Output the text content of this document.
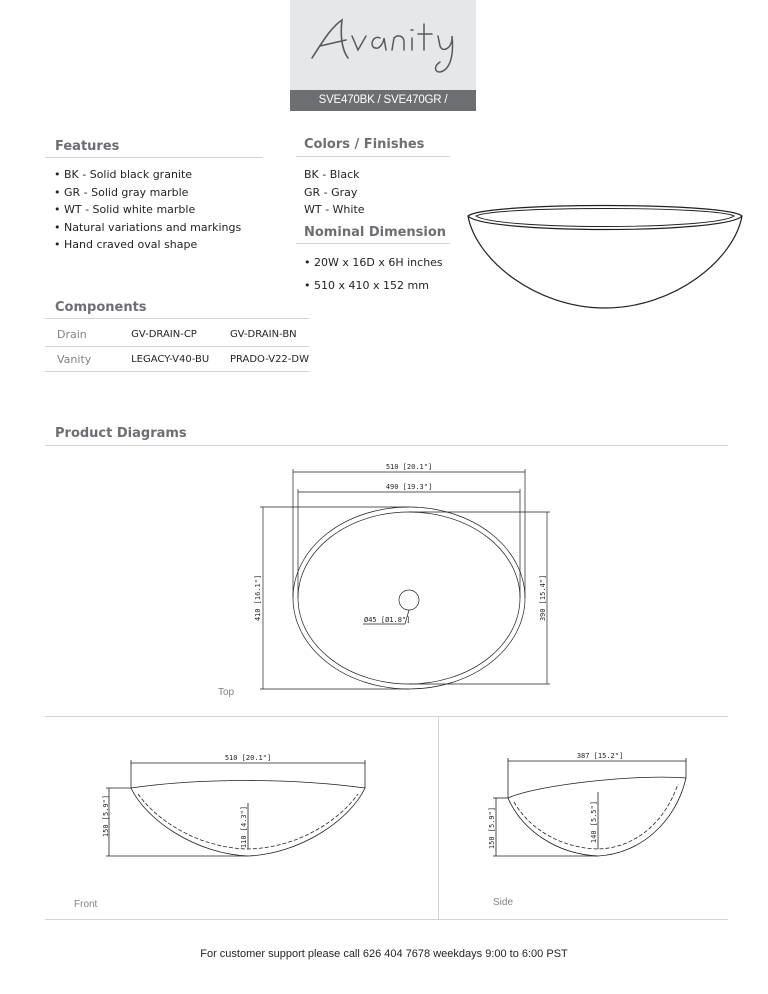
SVE470BK / SVE470GR / SVE470WT
Features
• BK - Solid black granite
• GR - Solid gray marble
• WT - Solid white marble
• Natural variations and markings
• Hand craved oval shape
Colors / Finishes
BK - Black
GR - Gray
WT - White
Nominal Dimension
• 20W x 16D x 6H inches
• 510 x 410 x 152 mm
Components
Drain	GV-DRAIN-CP	GV-DRAIN-BN
Vanity	LEGACY-V40-BU	PRADO-V22-DW
Product Diagrams
510 [20.1"]
490 [19.3"]
410 [16.1"]	390 [15.4"]
Ø45 [Ø1.8"]
Top
510 [20.1"]
150 [5.9"]	110 [4.3"]
Front
387 [15.2"]
150 [5.9"]	140 [5.5"]
Side
For customer support please call 626 404 7678 weekdays 9:00 to 6:00 PST
